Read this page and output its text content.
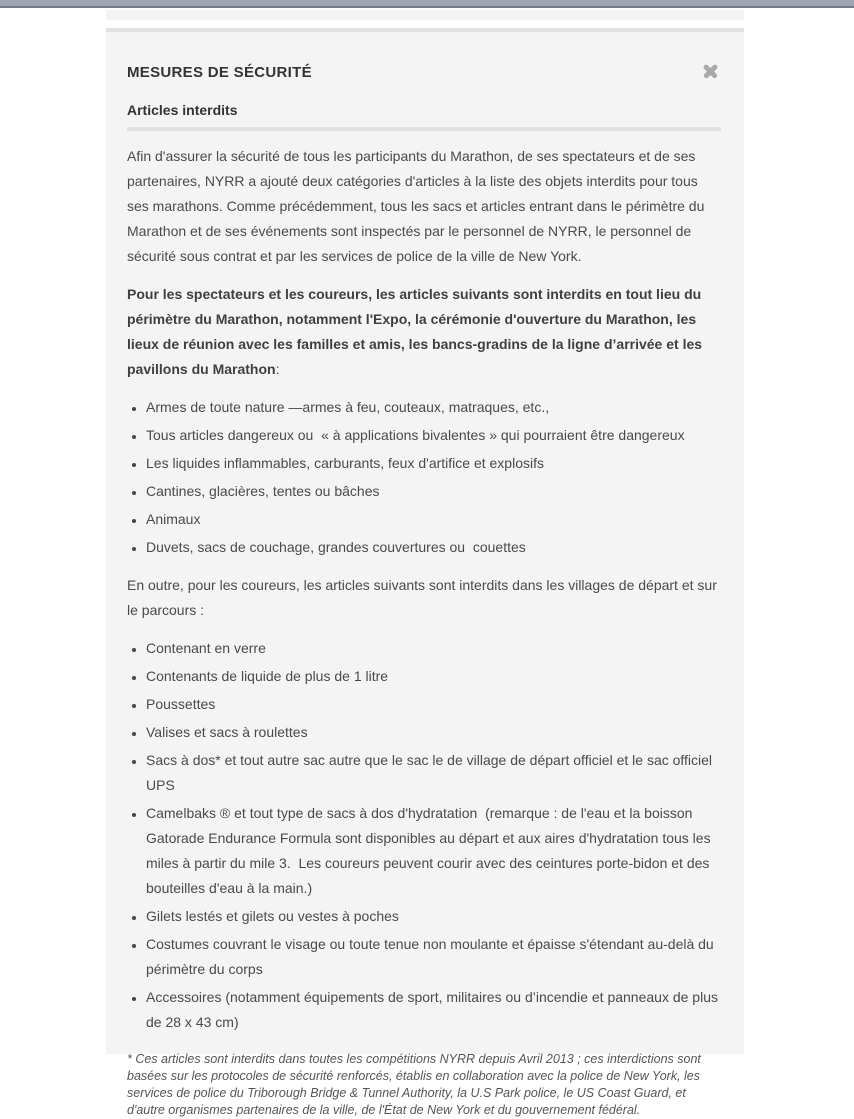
MESURES DE SÉCURITÉ
Articles interdits

Afin d'assurer la sécurité de tous les participants du Marathon, de ses spectateurs et de ses partenaires, NYRR a ajouté deux catégories d'articles à la liste des objets interdits pour tous ses marathons. Comme précédemment, tous les sacs et articles entrant dans le périmètre du Marathon et de ses événements sont inspectés par le personnel de NYRR, le personnel de sécurité sous contrat et par les services de police de la ville de New York.

Pour les spectateurs et les coureurs, les articles suivants sont interdits en tout lieu du périmètre du Marathon, notamment l'Expo, la cérémonie d'ouverture du Marathon, les lieux de réunion avec les familles et amis, les bancs-gradins de la ligne d’arrivée et les pavillons du Marathon:

• Armes de toute nature —armes à feu, couteaux, matraques, etc.,
• Tous articles dangereux ou  « à applications bivalentes » qui pourraient être dangereux
• Les liquides inflammables, carburants, feux d'artifice et explosifs
• Cantines, glacières, tentes ou bâches
• Animaux
• Duvets, sacs de couchage, grandes couvertures ou  couettes

En outre, pour les coureurs, les articles suivants sont interdits dans les villages de départ et sur le parcours :

• Contenant en verre
• Contenants de liquide de plus de 1 litre
• Poussettes
• Valises et sacs à roulettes
• Sacs à dos* et tout autre sac autre que le sac le de village de départ officiel et le sac officiel UPS
• Camelbaks ® et tout type de sacs à dos d'hydratation  (remarque : de l'eau et la boisson Gatorade Endurance Formula sont disponibles au départ et aux aires d'hydratation tous les miles à partir du mile 3.  Les coureurs peuvent courir avec des ceintures porte-bidon et des bouteilles d'eau à la main.)
• Gilets lestés et gilets ou vestes à poches
• Costumes couvrant le visage ou toute tenue non moulante et épaisse s'étendant au-delà du périmètre du corps
• Accessoires (notamment équipements de sport, militaires ou d’incendie et panneaux de plus de 28 x 43 cm)

* Ces articles sont interdits dans toutes les compétitions NYRR depuis Avril 2013 ; ces interdictions sont basées sur les protocoles de sécurité renforcés, établis en collaboration avec la police de New York, les services de police du Triborough Bridge & Tunnel Authority, la U.S Park police, le US Coast Guard, et d'autre organismes partenaires de la ville, de l'État de New York et du gouvernement fédéral.
